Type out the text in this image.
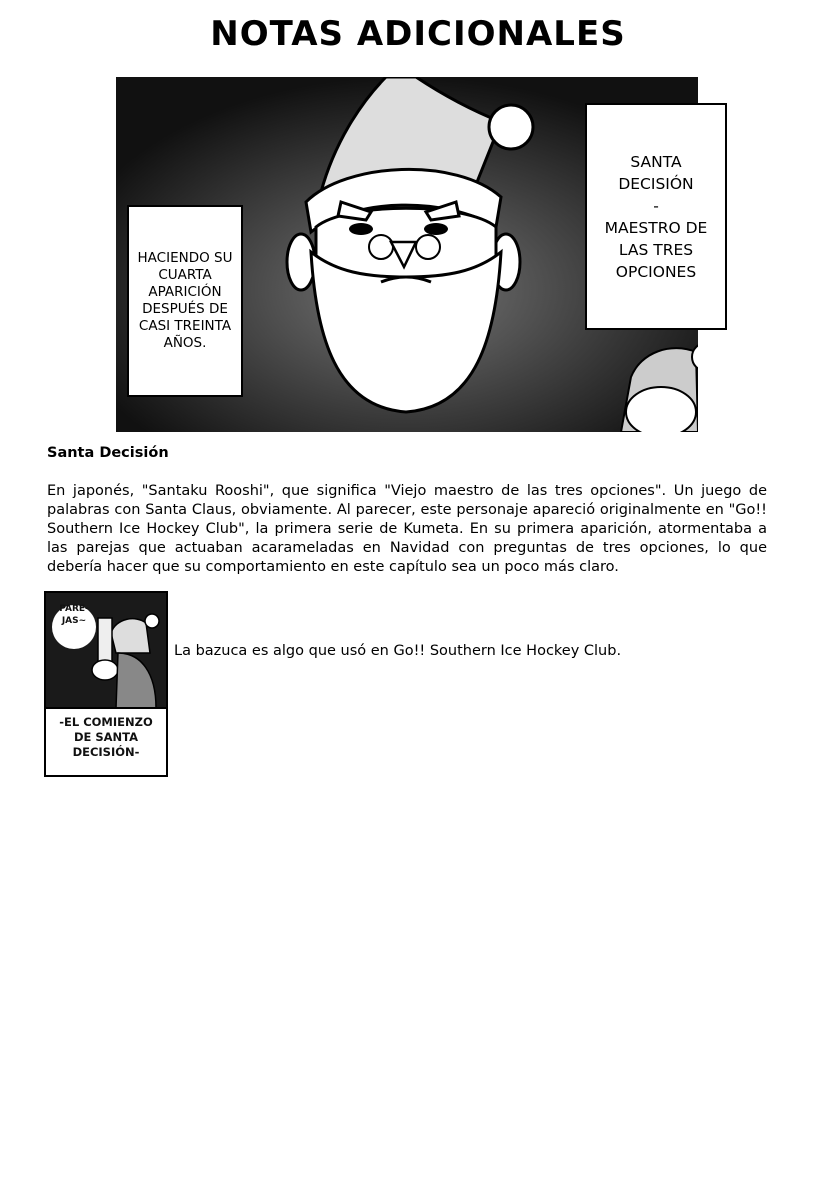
NOTAS ADICIONALES
HACIENDO SU CUARTA APARICIÓN DESPUÉS DE CASI TREINTA AÑOS.
SANTA
DECISIÓN
-
MAESTRO DE
LAS TRES
OPCIONES
Santa Decisión
En japonés, "Santaku Rooshi", que significa "Viejo maestro de las tres opciones". Un juego de palabras con Santa Claus, obviamente. Al parecer, este personaje apareció originalmente en "Go!! Southern Ice Hockey Club", la primera serie de Kumeta. En su primera aparición, atormentaba a las parejas que actuaban acarameladas en Navidad con preguntas de tres opciones, lo que debería hacer que su comportamiento en este capítulo sea un poco más claro.
PARE- JAS~
-EL COMIENZO
DE SANTA
DECISIÓN-
La bazuca es algo que usó en Go!! Southern Ice Hockey Club.
